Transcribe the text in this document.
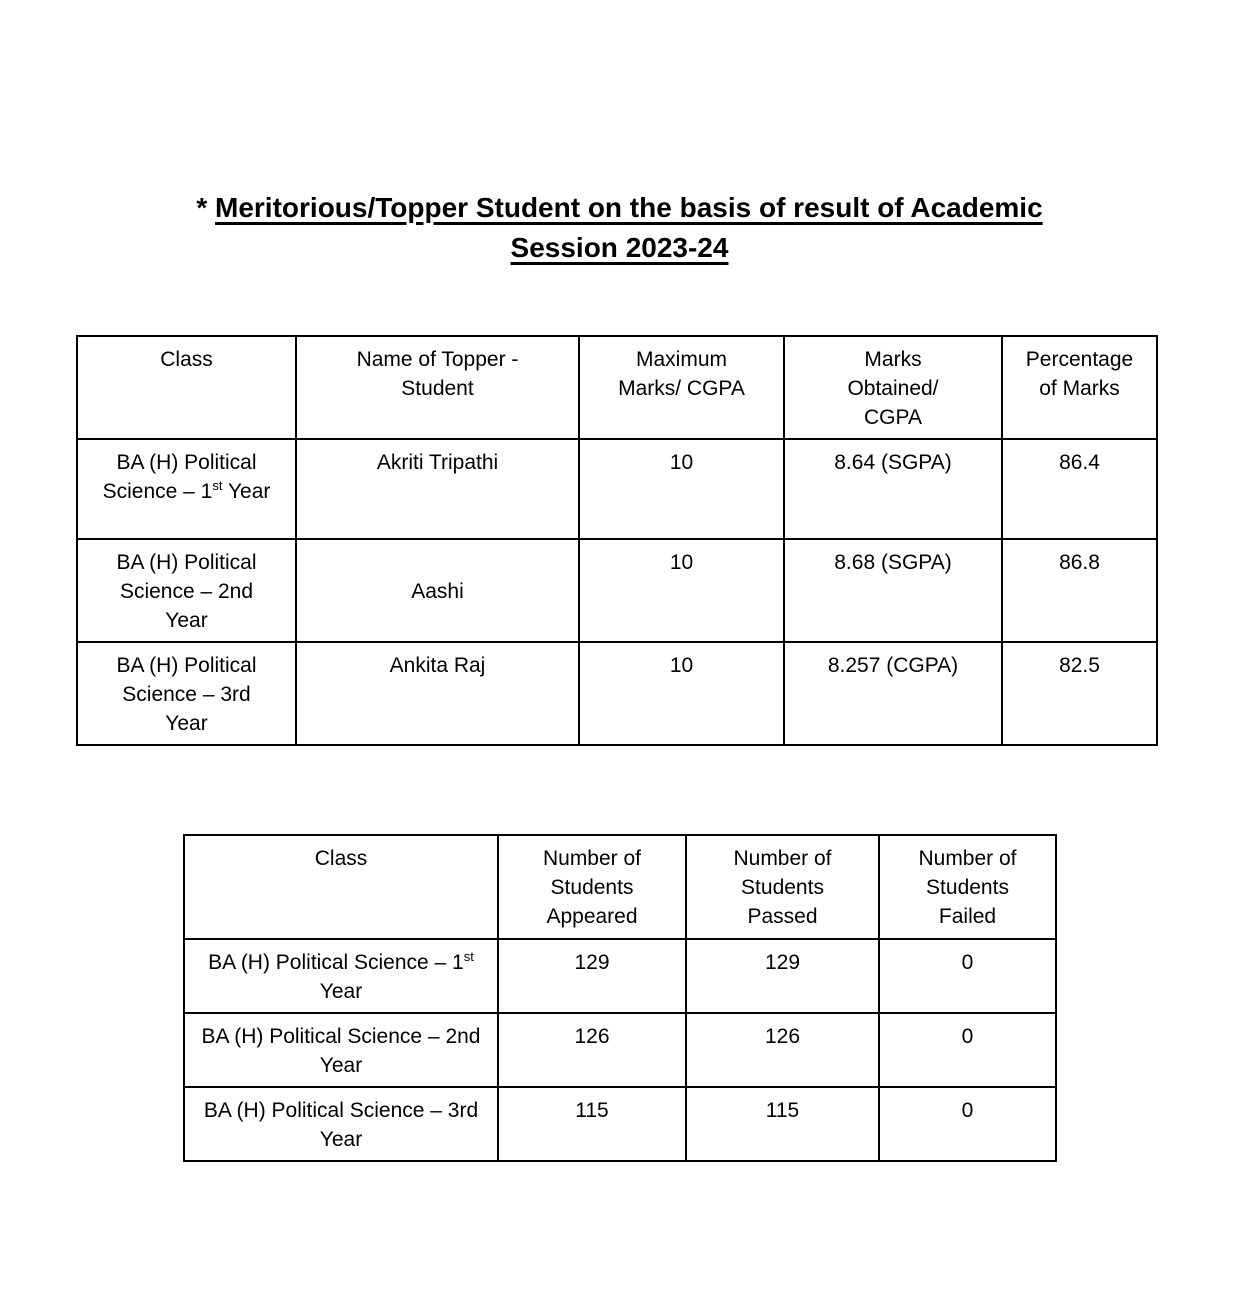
* Meritorious/Topper Student on the basis of result of Academic
Session 2023-24
Class	Name of Topper - Student	Maximum Marks/ CGPA	Marks Obtained/ CGPA	Percentage of Marks
BA (H) Political Science – 1st Year	Akriti Tripathi	10	8.64 (SGPA)	86.4
BA (H) Political Science – 2nd Year	Aashi	10	8.68 (SGPA)	86.8
BA (H) Political Science – 3rd Year	Ankita Raj	10	8.257 (CGPA)	82.5
Class	Number of Students Appeared	Number of Students Passed	Number of Students Failed
BA (H) Political Science – 1st Year	129	129	0
BA (H) Political Science – 2nd Year	126	126	0
BA (H) Political Science – 3rd Year	115	115	0
